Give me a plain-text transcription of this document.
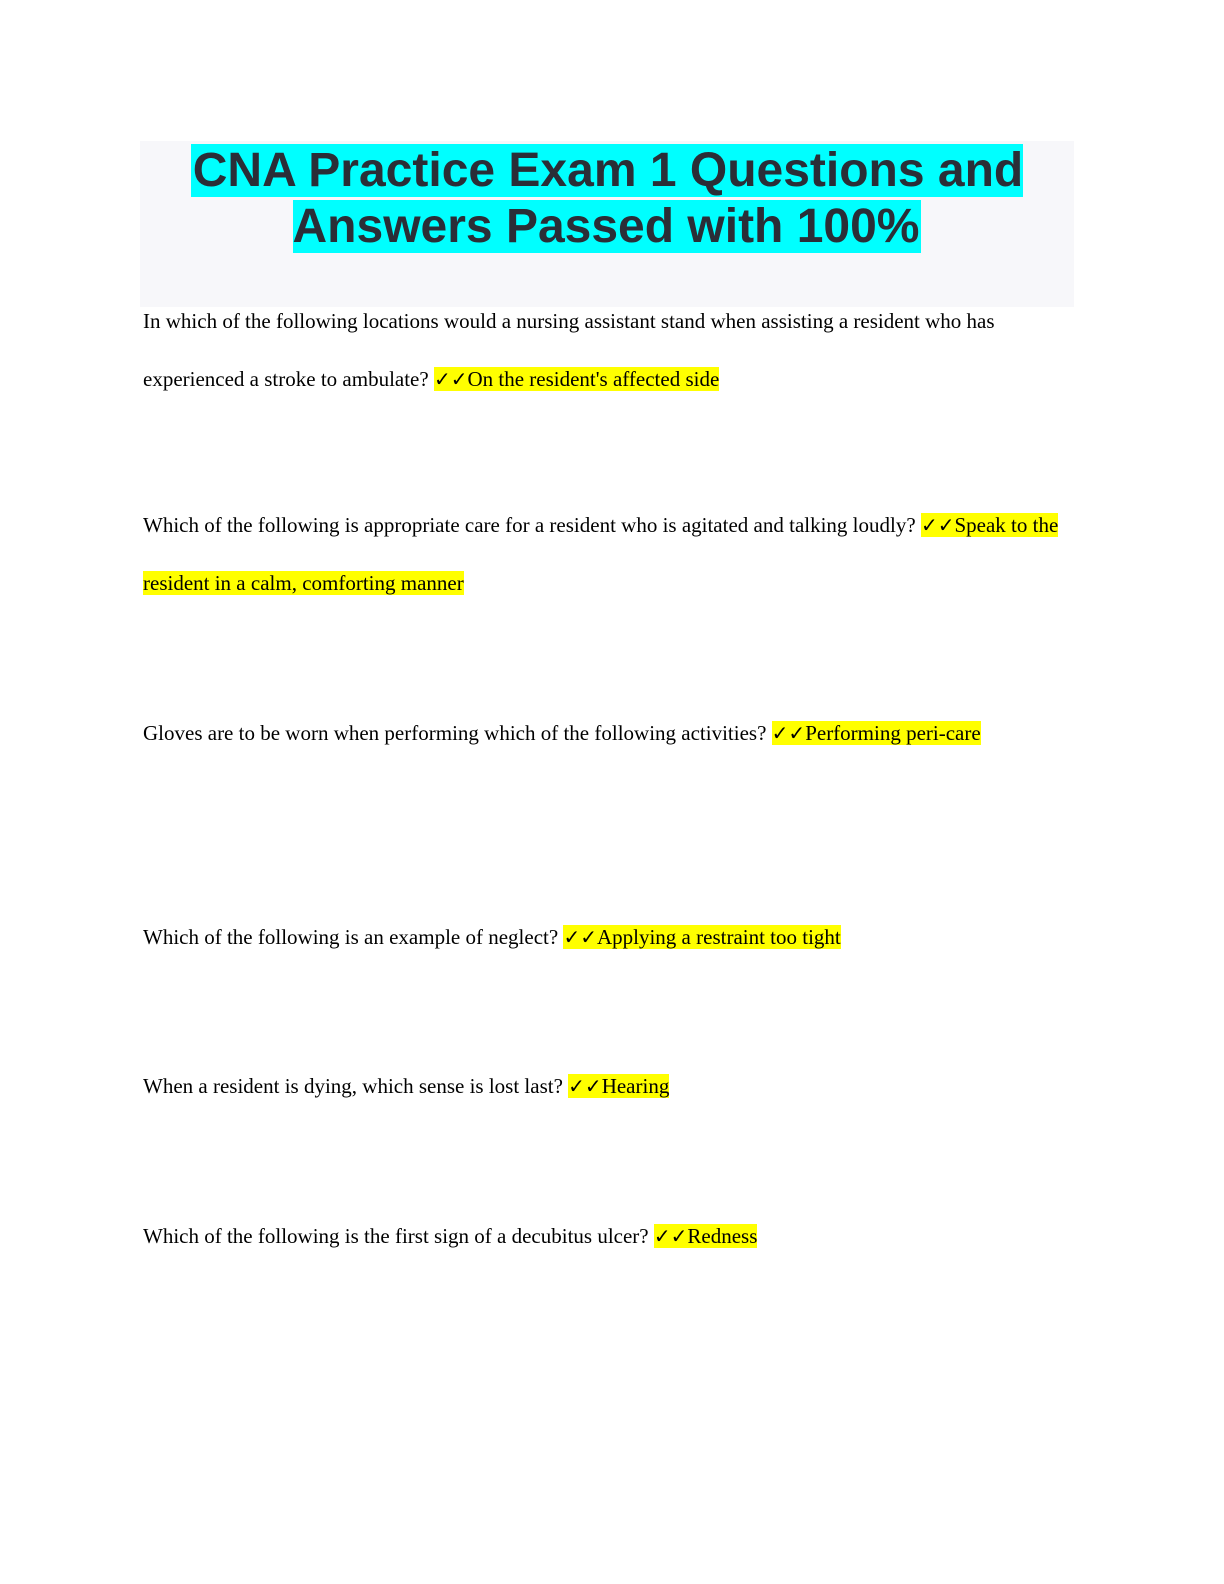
CNA Practice Exam 1 Questions and Answers Passed with 100%

In which of the following locations would a nursing assistant stand when assisting a resident who has experienced a stroke to ambulate? ✓✓On the resident's affected side

Which of the following is appropriate care for a resident who is agitated and talking loudly? ✓✓Speak to the resident in a calm, comforting manner

Gloves are to be worn when performing which of the following activities? ✓✓Performing peri-care

Which of the following is an example of neglect? ✓✓Applying a restraint too tight

When a resident is dying, which sense is lost last? ✓✓Hearing

Which of the following is the first sign of a decubitus ulcer? ✓✓Redness
